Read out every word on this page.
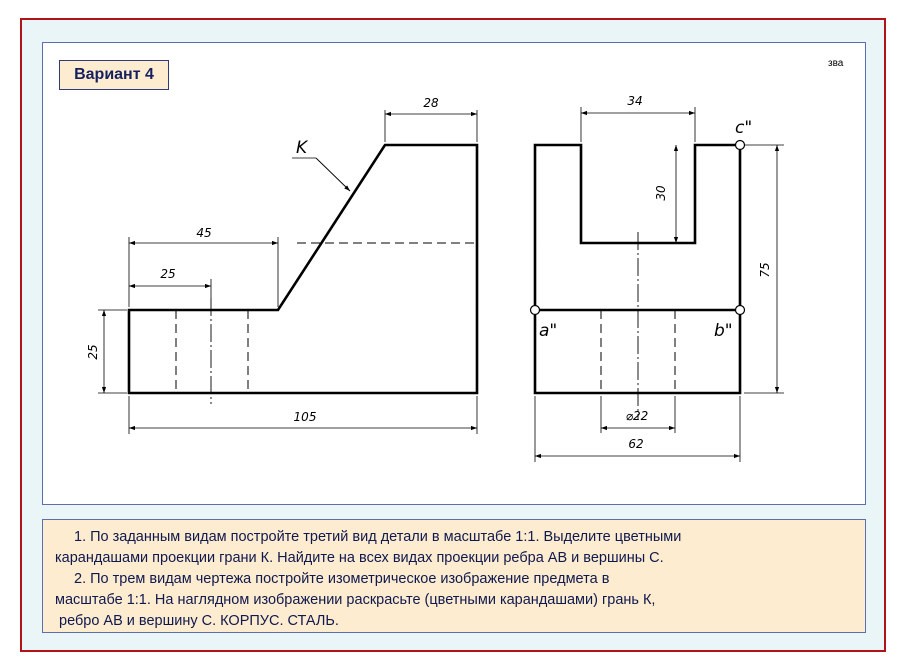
Вариант 4
зва
28
45
25
25
105
K
34
30
75
⌀22
62
c"
a"	b"
1. По заданным видам постройте третий вид детали в масштабе 1:1. Выделите цветными
карандашами проекции грани К. Найдите на всех видах проекции ребра АВ и вершины С.
2. По трем видам чертежа постройте изометрическое изображение предмета в
масштабе 1:1. На наглядном изображении раскрасьте (цветными карандашами) грань К,
ребро АВ и вершину С. КОРПУС. СТАЛЬ.
